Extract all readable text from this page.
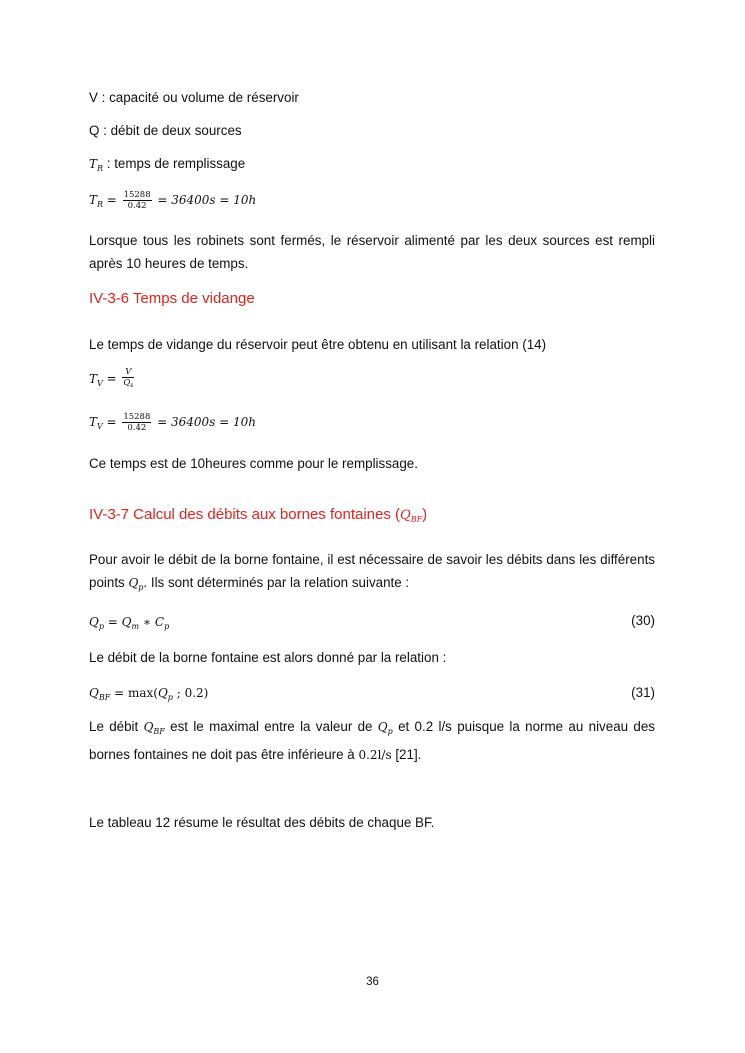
V : capacité ou volume de réservoir
Q : débit de deux sources
$T_R$ : temps de remplissage
$T_R = \frac{15288}{0.42} = 36400s = 10h$
Lorsque tous les robinets sont fermés, le réservoir alimenté par les deux sources est rempli après 10 heures de temps.
IV-3-6 Temps de vidange
Le temps de vidange du réservoir peut être obtenu en utilisant la relation (14)
$T_V = \frac{V}{Q_s}$
$T_V = \frac{15288}{0.42} = 36400s = 10h$
Ce temps est de 10heures comme pour le remplissage.
IV-3-7 Calcul des débits aux bornes fontaines $(Q_{BF})$
Pour avoir le débit de la borne fontaine, il est nécessaire de savoir les débits dans les différents points $Q_p$. Ils sont déterminés par la relation suivante :
$Q_p = Q_m$ ∗ $C_p$	(30)
Le débit de la borne fontaine est alors donné par la relation :
$Q_{BF} = \max(Q_p$ ; 0.2)	(31)
Le débit $Q_{BF}$ est le maximal entre la valeur de $Q_p$ et 0.2 l/s puisque la norme au niveau des bornes fontaines ne doit pas être inférieure à 0.2l/s [21].
Le tableau 12 résume le résultat des débits de chaque BF.
36
